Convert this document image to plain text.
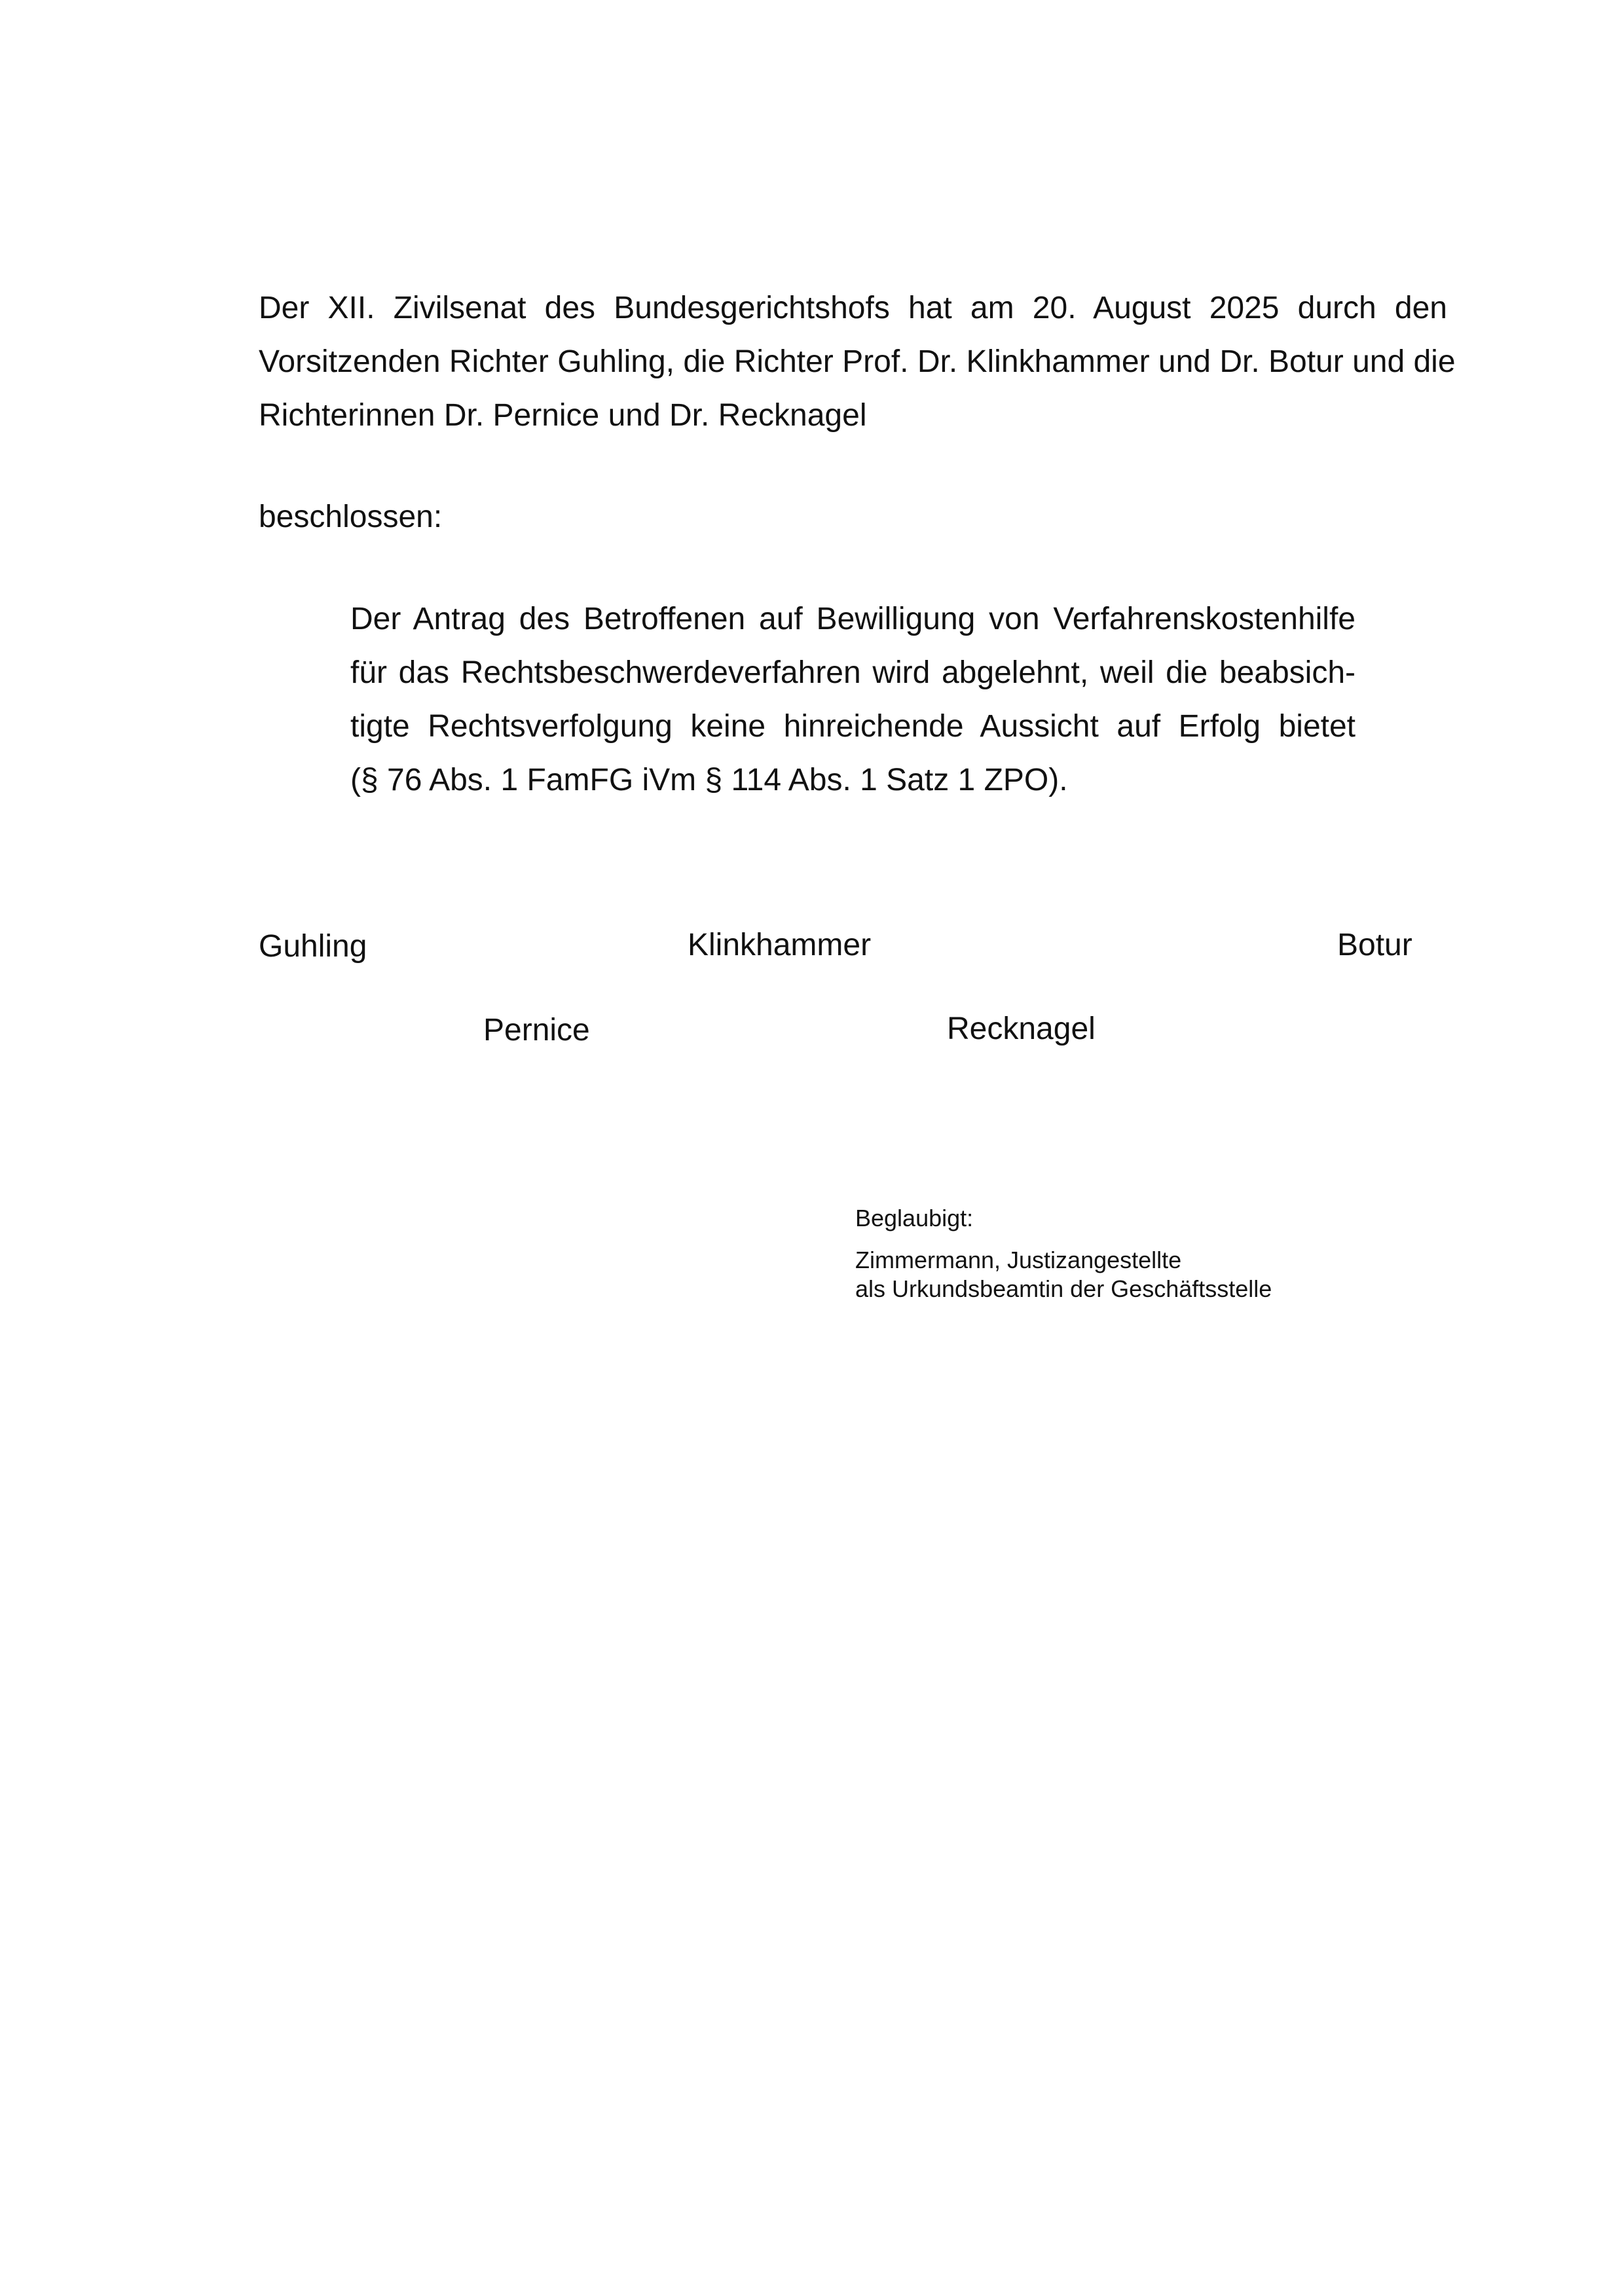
Der XII. Zivilsenat des Bundesgerichtshofs hat am 20. August 2025 durch den
Vorsitzenden Richter Guhling, die Richter Prof. Dr. Klinkhammer und Dr. Botur und die
Richterinnen Dr. Pernice und Dr. Recknagel

beschlossen:

Der Antrag des Betroffenen auf Bewilligung von Verfahrenskostenhilfe
für das Rechtsbeschwerdeverfahren wird abgelehnt, weil die beabsich-
tigte Rechtsverfolgung keine hinreichende Aussicht auf Erfolg bietet
(§ 76 Abs. 1 FamFG iVm § 114 Abs. 1 Satz 1 ZPO).

Guhling	Klinkhammer	Botur

Pernice	Recknagel

Beglaubigt:

Zimmermann, Justizangestellte

als Urkundsbeamtin der Geschäftsstelle
